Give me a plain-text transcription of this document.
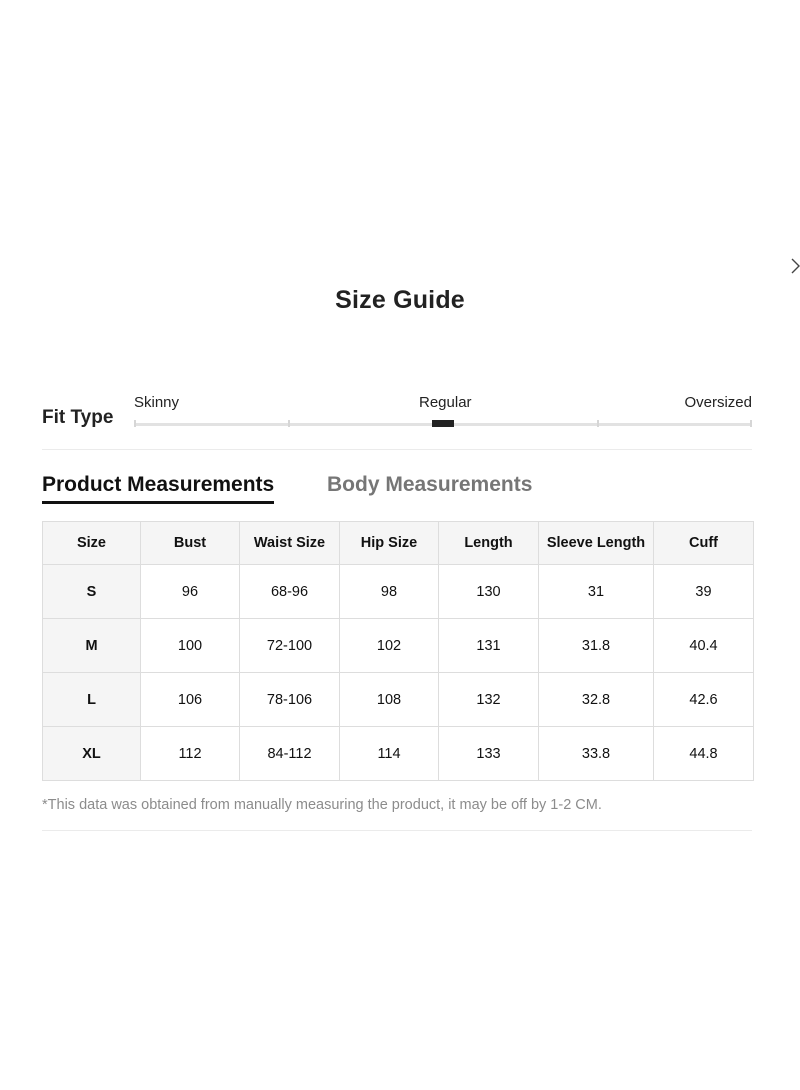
Size Guide
Fit Type
Skinny	Regular	Oversized
Product Measurements	Body Measurements
Size	Bust	Waist Size	Hip Size	Length	Sleeve Length	Cuff
S	96	68-96	98	130	31	39
M	100	72-100	102	131	31.8	40.4
L	106	78-106	108	132	32.8	42.6
XL	112	84-112	114	133	33.8	44.8
*This data was obtained from manually measuring the product, it may be off by 1-2 CM.
